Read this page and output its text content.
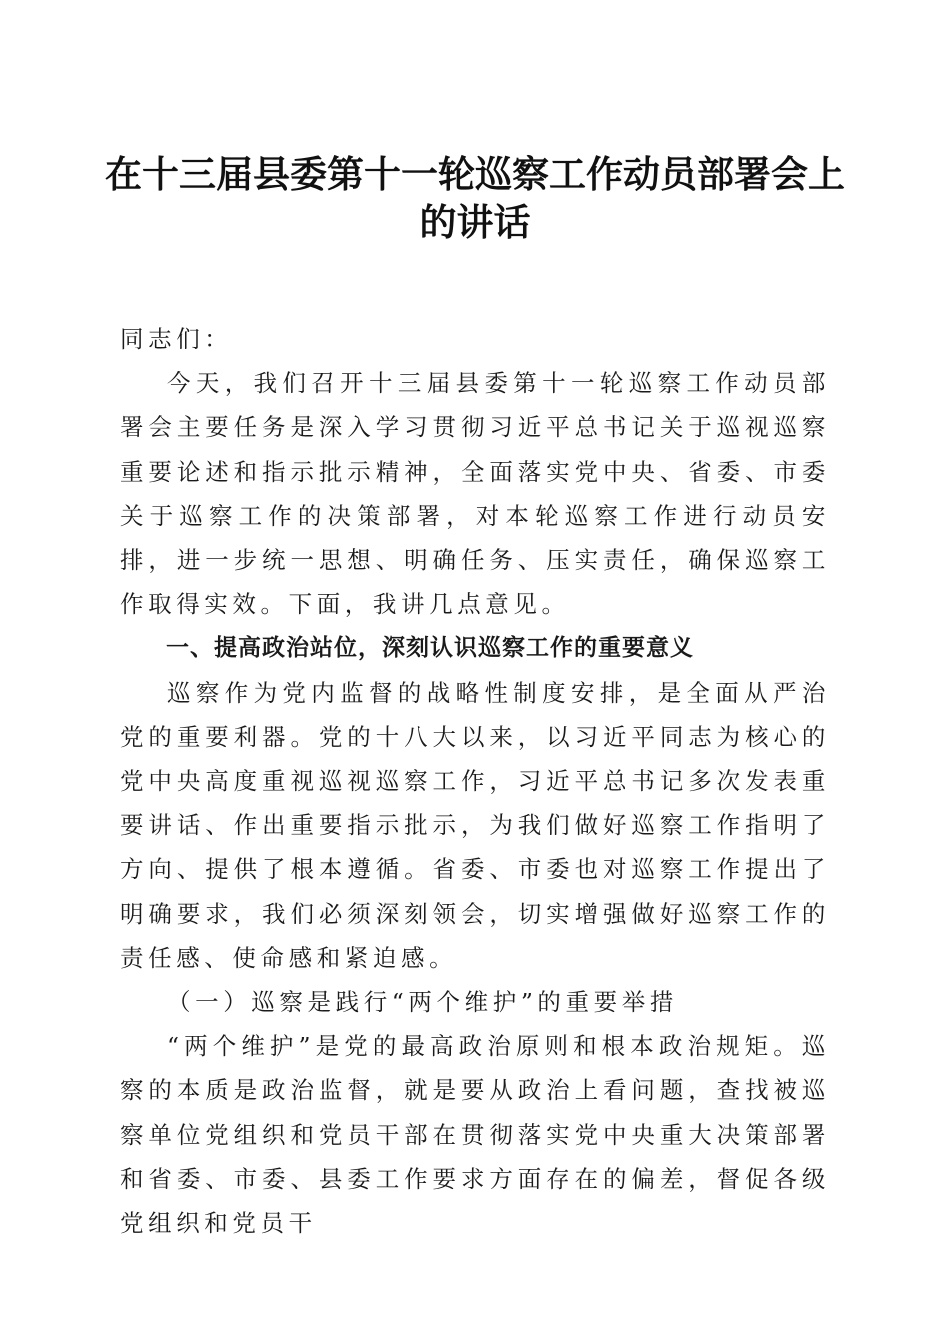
在十三届县委第十一轮巡察工作动员部署会上的讲话

同志们：

今天，我们召开十三届县委第十一轮巡察工作动员部署会主要任务是深入学习贯彻习近平总书记关于巡视巡察重要论述和指示批示精神，全面落实党中央、省委、市委关于巡察工作的决策部署，对本轮巡察工作进行动员安排，进一步统一思想、明确任务、压实责任，确保巡察工作取得实效。下面，我讲几点意见。

一、提高政治站位，深刻认识巡察工作的重要意义

巡察作为党内监督的战略性制度安排，是全面从严治党的重要利器。党的十八大以来，以习近平同志为核心的党中央高度重视巡视巡察工作，习近平总书记多次发表重要讲话、作出重要指示批示，为我们做好巡察工作指明了方向、提供了根本遵循。省委、市委也对巡察工作提出了明确要求，我们必须深刻领会，切实增强做好巡察工作的责任感、使命感和紧迫感。

（一）巡察是践行“两个维护”的重要举措

“两个维护”是党的最高政治原则和根本政治规矩。巡察的本质是政治监督，就是要从政治上看问题，查找被巡察单位党组织和党员干部在贯彻落实党中央重大决策部署和省委、市委、县委工作要求方面存在的偏差，督促各级党组织和党员干
